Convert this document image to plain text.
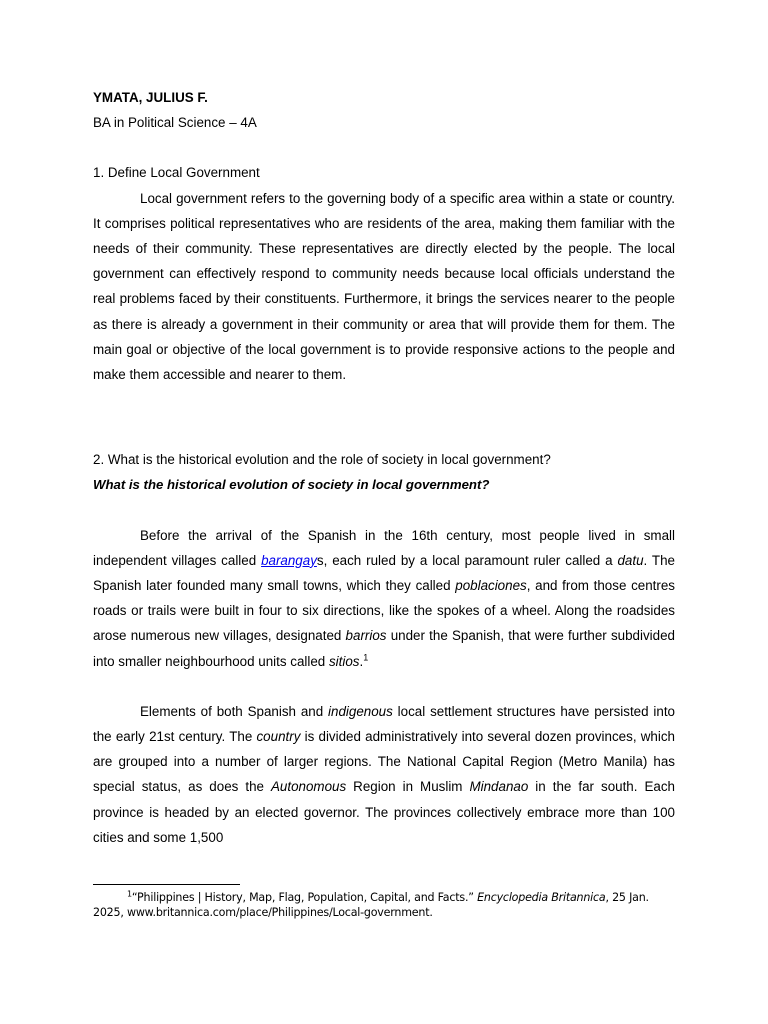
YMATA, JULIUS F.
BA in Political Science – 4A
1. Define Local Government

Local government refers to the governing body of a specific area within a state or country. It comprises political representatives who are residents of the area, making them familiar with the needs of their community. These representatives are directly elected by the people. The local government can effectively respond to community needs because local officials understand the real problems faced by their constituents. Furthermore, it brings the services nearer to the people as there is already a government in their community or area that will provide them for them. The main goal or objective of the local government is to provide responsive actions to the people and make them accessible and nearer to them.

2. What is the historical evolution and the role of society in local government?
What is the historical evolution of society in local government?

Before the arrival of the Spanish in the 16th century, most people lived in small independent villages called barangays, each ruled by a local paramount ruler called a datu. The Spanish later founded many small towns, which they called poblaciones, and from those centres roads or trails were built in four to six directions, like the spokes of a wheel. Along the roadsides arose numerous new villages, designated barrios under the Spanish, that were further subdivided into smaller neighbourhood units called sitios.$^1$

Elements of both Spanish and indigenous local settlement structures have persisted into the early 21st century. The country is divided administratively into several dozen provinces, which are grouped into a number of larger regions. The National Capital Region (Metro Manila) has special status, as does the Autonomous Region in Muslim Mindanao in the far south. Each province is headed by an elected governor. The provinces collectively embrace more than 100 cities and some 1,500

$^1$“Philippines | History, Map, Flag, Population, Capital, and Facts.” Encyclopedia Britannica, 25 Jan. 2025, www.britannica.com/place/Philippines/Local-government.
